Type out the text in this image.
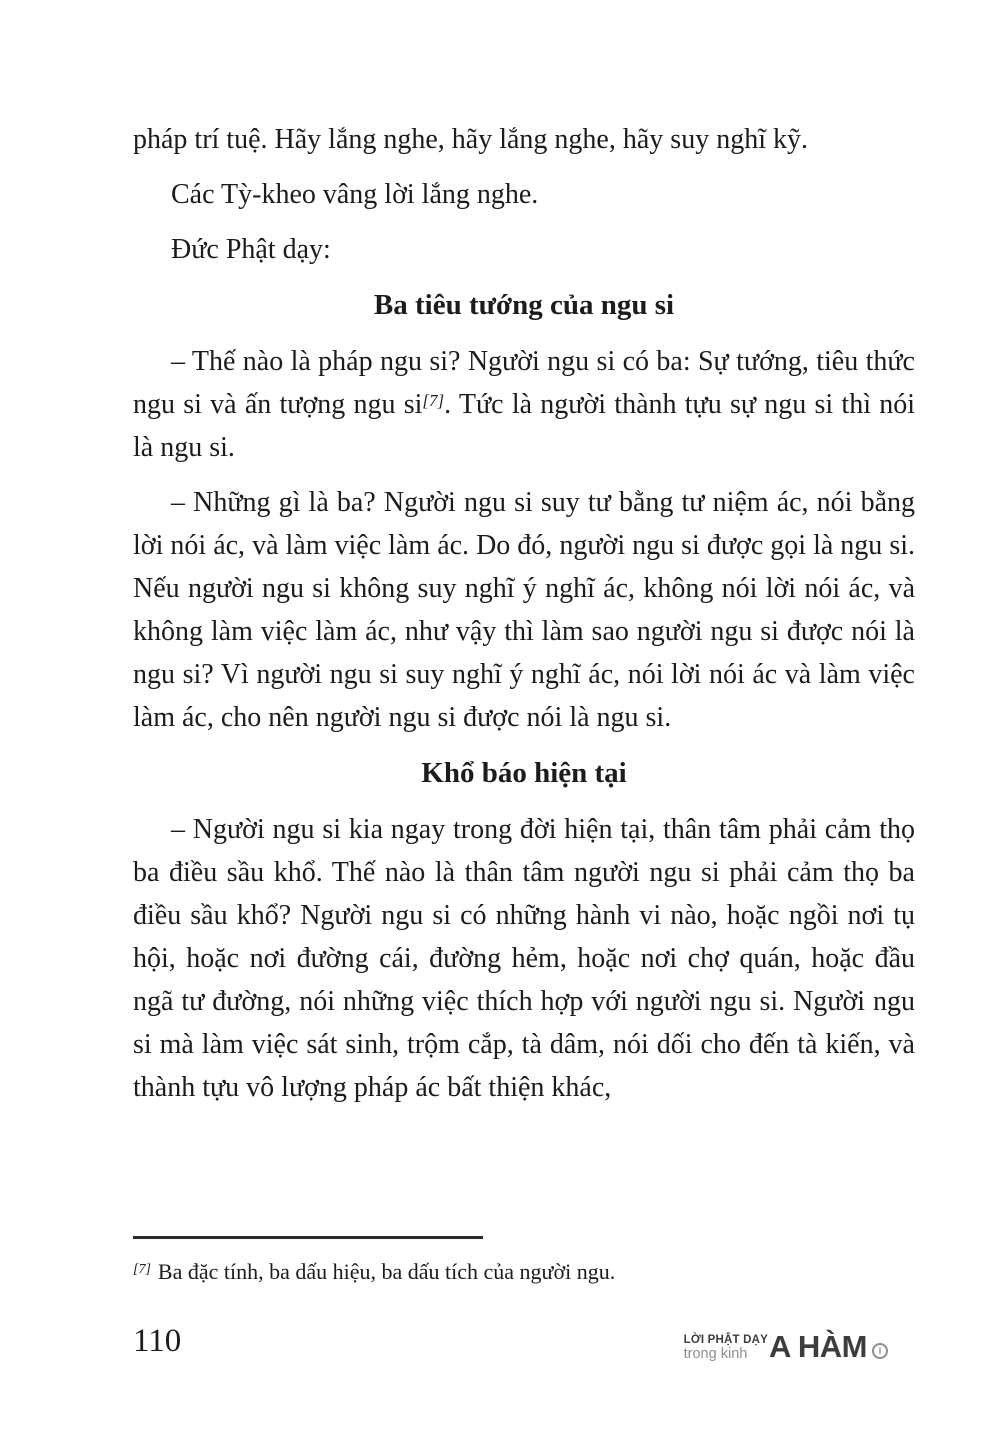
pháp trí tuệ. Hãy lắng nghe, hãy lắng nghe, hãy suy nghĩ kỹ.

Các Tỳ-kheo vâng lời lắng nghe.

Đức Phật dạy:

Ba tiêu tướng của ngu si

– Thế nào là pháp ngu si? Người ngu si có ba: Sự tướng, tiêu thức ngu si và ấn tượng ngu si[7]. Tức là người thành tựu sự ngu si thì nói là ngu si.

– Những gì là ba? Người ngu si suy tư bằng tư niệm ác, nói bằng lời nói ác, và làm việc làm ác. Do đó, người ngu si được gọi là ngu si. Nếu người ngu si không suy nghĩ ý nghĩ ác, không nói lời nói ác, và không làm việc làm ác, như vậy thì làm sao người ngu si được nói là ngu si? Vì người ngu si suy nghĩ ý nghĩ ác, nói lời nói ác và làm việc làm ác, cho nên người ngu si được nói là ngu si.

Khổ báo hiện tại

– Người ngu si kia ngay trong đời hiện tại, thân tâm phải cảm thọ ba điều sầu khổ. Thế nào là thân tâm người ngu si phải cảm thọ ba điều sầu khổ? Người ngu si có những hành vi nào, hoặc ngồi nơi tụ hội, hoặc nơi đường cái, đường hẻm, hoặc nơi chợ quán, hoặc đầu ngã tư đường, nói những việc thích hợp với người ngu si. Người ngu si mà làm việc sát sinh, trộm cắp, tà dâm, nói dối cho đến tà kiến, và thành tựu vô lượng pháp ác bất thiện khác,

[7] Ba đặc tính, ba dấu hiệu, ba dấu tích của người ngu.
110	LỜI PHẬT DẠY
trong kinh A HÀM	I
